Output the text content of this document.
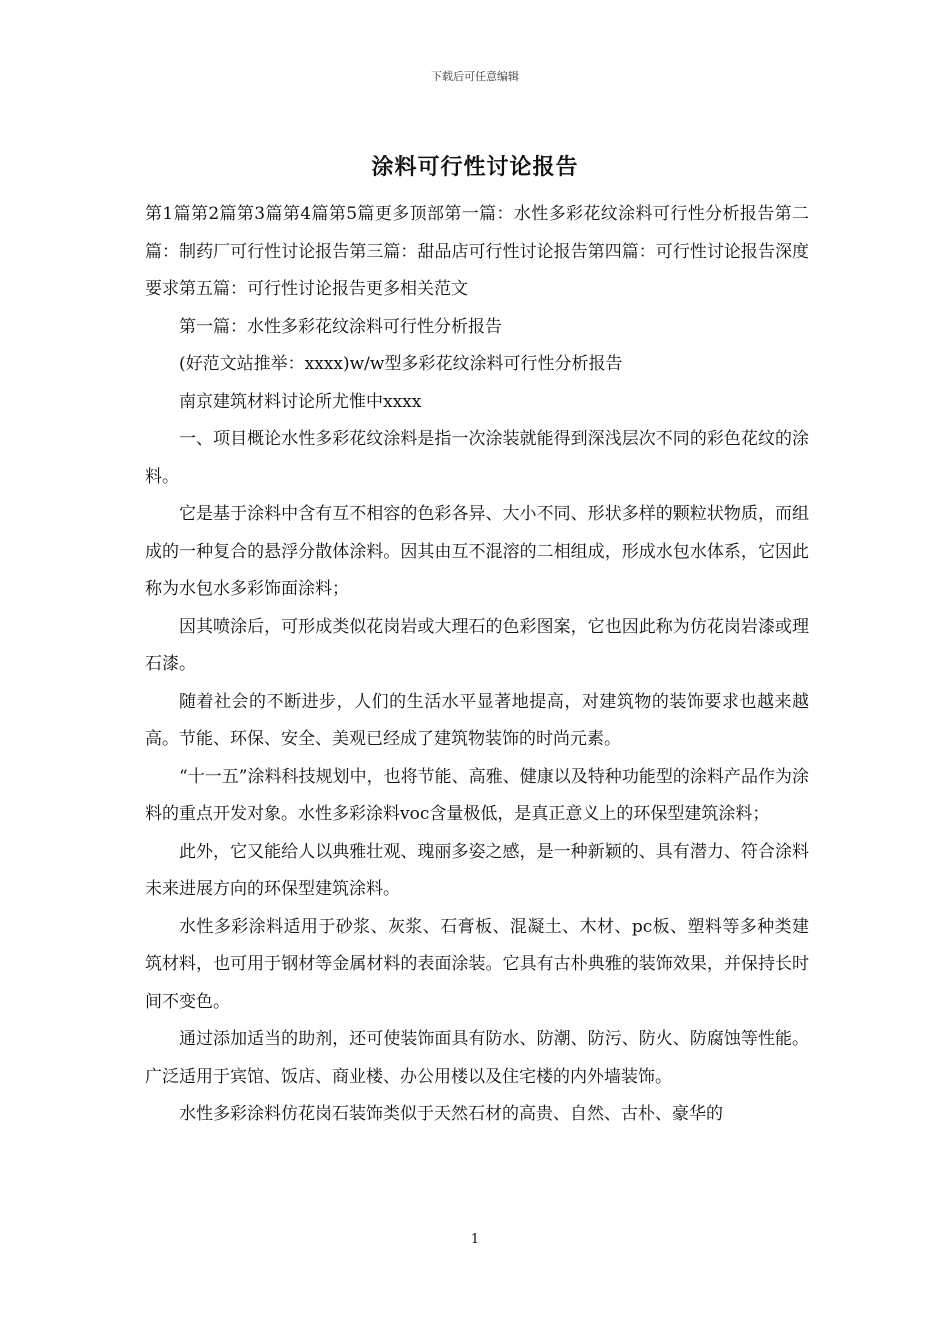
下载后可任意编辑
涂料可行性讨论报告

第1篇第2篇第3篇第4篇第5篇更多顶部第一篇：水性多彩花纹涂料可行性分析报告第二篇：制药厂可行性讨论报告第三篇：甜品店可行性讨论报告第四篇：可行性讨论报告深度要求第五篇：可行性讨论报告更多相关范文

第一篇：水性多彩花纹涂料可行性分析报告

(好范文站推举：xxxx)w/w型多彩花纹涂料可行性分析报告

南京建筑材料讨论所尤惟中xxxx

一、项目概论水性多彩花纹涂料是指一次涂装就能得到深浅层次不同的彩色花纹的涂料。

它是基于涂料中含有互不相容的色彩各异、大小不同、形状多样的颗粒状物质，而组成的一种复合的悬浮分散体涂料。因其由互不混溶的二相组成，形成水包水体系，它因此称为水包水多彩饰面涂料；

因其喷涂后，可形成类似花岗岩或大理石的色彩图案，它也因此称为仿花岗岩漆或理石漆。

随着社会的不断进步，人们的生活水平显著地提高，对建筑物的装饰要求也越来越高。节能、环保、安全、美观已经成了建筑物装饰的时尚元素。

“十一五”涂料科技规划中，也将节能、高雅、健康以及特种功能型的涂料产品作为涂料的重点开发对象。水性多彩涂料voc含量极低，是真正意义上的环保型建筑涂料；

此外，它又能给人以典雅壮观、瑰丽多姿之感，是一种新颖的、具有潜力、符合涂料未来进展方向的环保型建筑涂料。

水性多彩涂料适用于砂浆、灰浆、石膏板、混凝土、木材、pc板、塑料等多种类建筑材料，也可用于钢材等金属材料的表面涂装。它具有古朴典雅的装饰效果，并保持长时间不变色。

通过添加适当的助剂，还可使装饰面具有防水、防潮、防污、防火、防腐蚀等性能。广泛适用于宾馆、饭店、商业楼、办公用楼以及住宅楼的内外墙装饰。

水性多彩涂料仿花岗石装饰类似于天然石材的高贵、自然、古朴、豪华的

1
